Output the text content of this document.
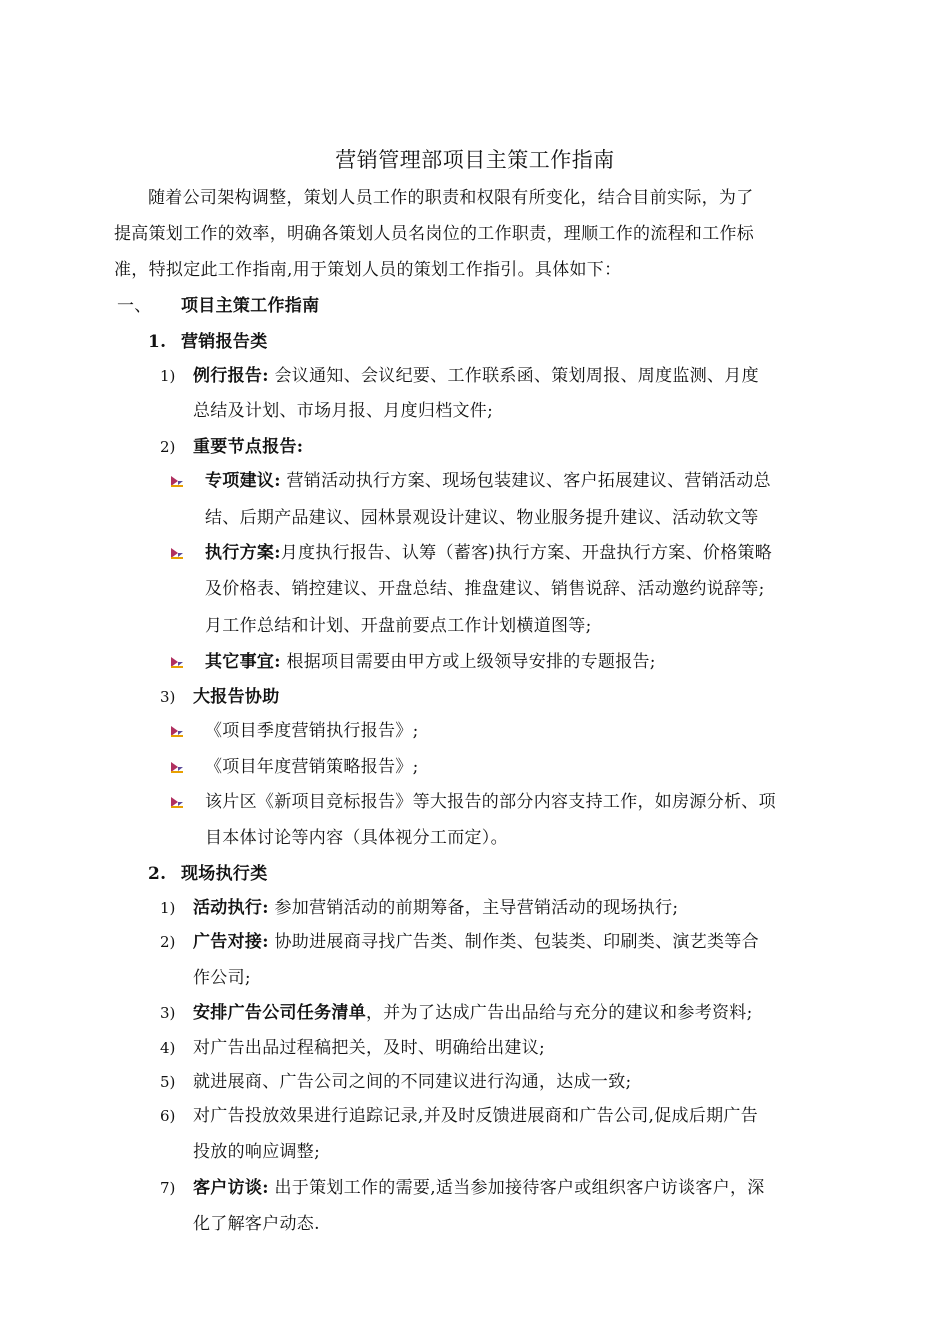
营销管理部项目主策工作指南
随着公司架构调整，策划人员工作的职责和权限有所变化，结合目前实际，为了
提高策划工作的效率，明确各策划人员名岗位的工作职责，理顺工作的流程和工作标
准，特拟定此工作指南,用于策划人员的策划工作指引。具体如下：
一、 项目主策工作指南
1. 营销报告类
1) 例行报告: 会议通知、会议纪要、工作联系函、策划周报、周度监测、月度
总结及计划、市场月报、月度归档文件;
2) 重要节点报告:
专项建议: 营销活动执行方案、现场包装建议、客户拓展建议、营销活动总
结、后期产品建议、园林景观设计建议、物业服务提升建议、活动软文等
执行方案:月度执行报告、认筹（蓄客)执行方案、开盘执行方案、价格策略
及价格表、销控建议、开盘总结、推盘建议、销售说辞、活动邀约说辞等;
月工作总结和计划、开盘前要点工作计划横道图等;
其它事宜: 根据项目需要由甲方或上级领导安排的专题报告;
3) 大报告协助
《项目季度营销执行报告》;
《项目年度营销策略报告》;
该片区《新项目竞标报告》等大报告的部分内容支持工作，如房源分析、项
目本体讨论等内容（具体视分工而定）。
2. 现场执行类
1) 活动执行: 参加营销活动的前期筹备，主导营销活动的现场执行;
2) 广告对接: 协助进展商寻找广告类、制作类、包装类、印刷类、演艺类等合
作公司;
3) 安排广告公司任务清单，并为了达成广告出品给与充分的建议和参考资料;
4) 对广告出品过程稿把关，及时、明确给出建议;
5) 就进展商、广告公司之间的不同建议进行沟通，达成一致;
6) 对广告投放效果进行追踪记录,并及时反馈进展商和广告公司,促成后期广告
投放的响应调整;
7) 客户访谈: 出于策划工作的需要,适当参加接待客户或组织客户访谈客户，深
化了解客户动态.
